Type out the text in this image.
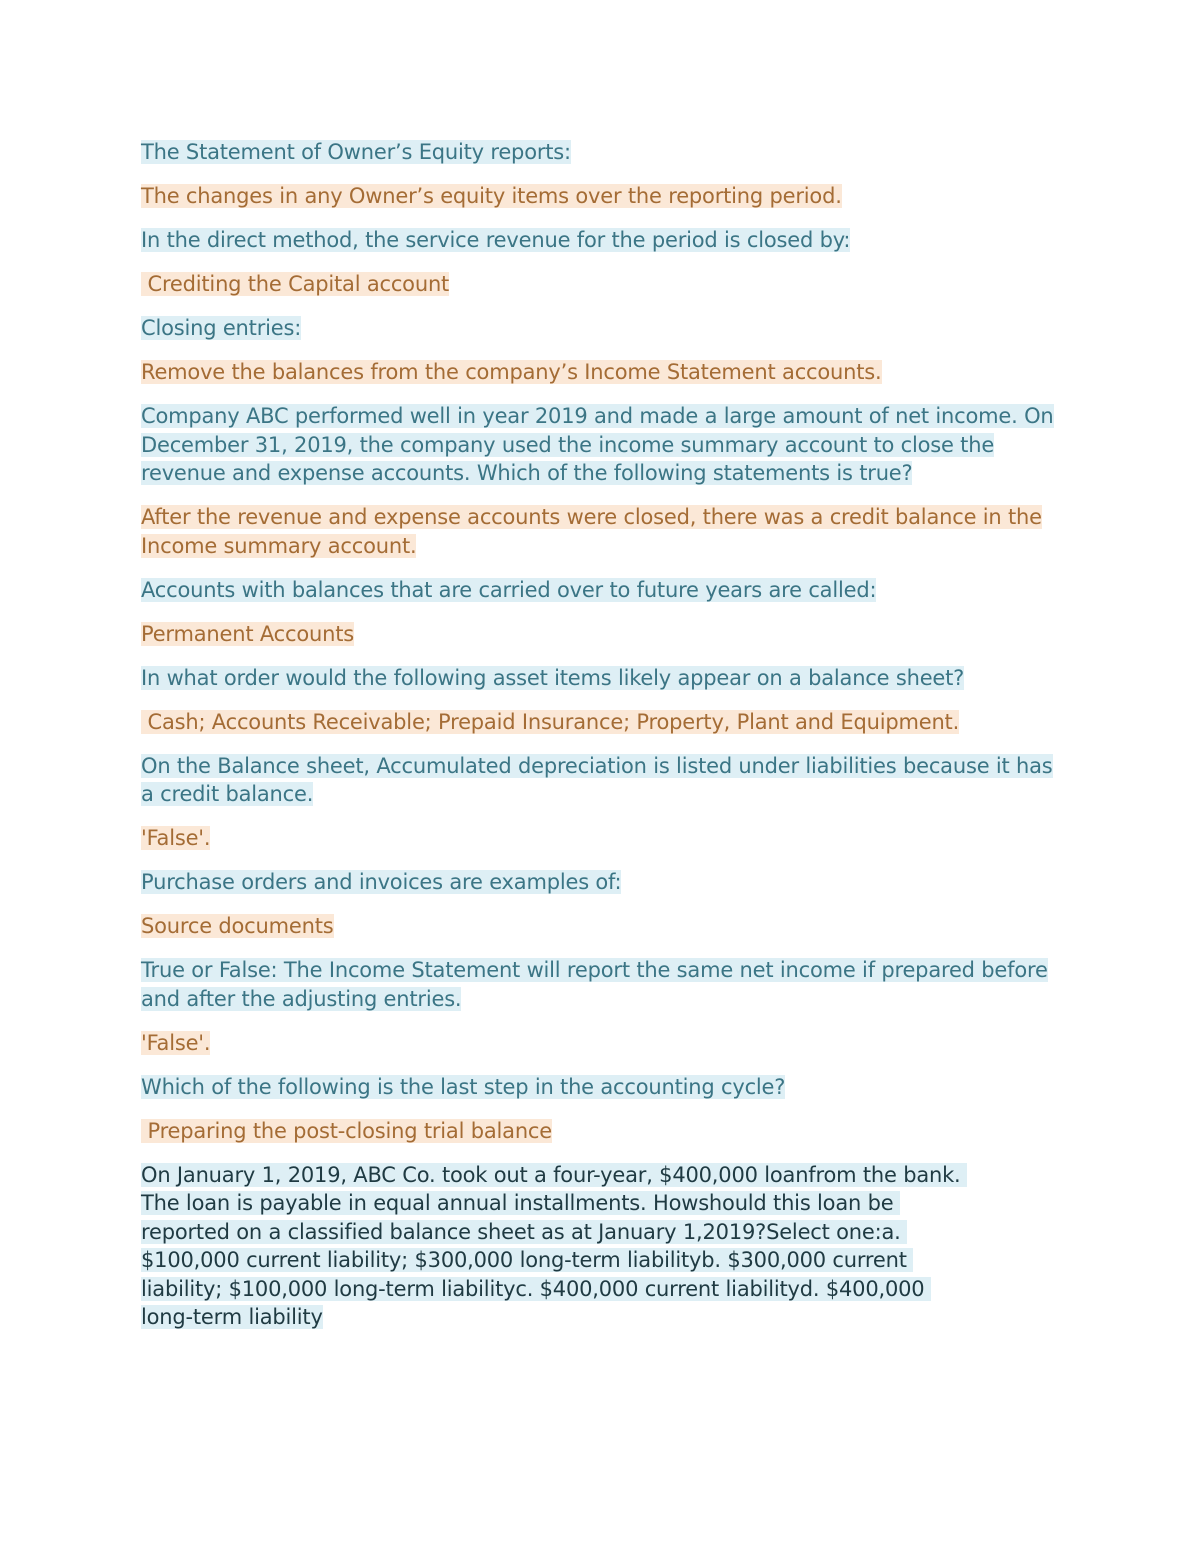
The Statement of Owner’s Equity reports:

The changes in any Owner’s equity items over the reporting period.

In the direct method, the service revenue for the period is closed by:

Crediting the Capital account

Closing entries:

Remove the balances from the company’s Income Statement accounts.

Company ABC performed well in year 2019 and made a large amount of net income. On December 31, 2019, the company used the income summary account to close the revenue and expense accounts. Which of the following statements is true?

After the revenue and expense accounts were closed, there was a credit balance in the Income summary account.

Accounts with balances that are carried over to future years are called:

Permanent Accounts

In what order would the following asset items likely appear on a balance sheet?

Cash; Accounts Receivable; Prepaid Insurance; Property, Plant and Equipment.

On the Balance sheet, Accumulated depreciation is listed under liabilities because it has a credit balance.

'False'.

Purchase orders and invoices are examples of:

Source documents

True or False: The Income Statement will report the same net income if prepared before and after the adjusting entries.

'False'.

Which of the following is the last step in the accounting cycle?

Preparing the post-closing trial balance

On January 1, 2019, ABC Co. took out a four-year, $400,000 loanfrom the bank.
The loan is payable in equal annual installments. Howshould this loan be
reported on a classified balance sheet as at January 1,2019?Select one:a.
$100,000 current liability; $300,000 long-term liabilityb. $300,000 current
liability; $100,000 long-term liabilityc. $400,000 current liabilityd. $400,000
long-term liability
